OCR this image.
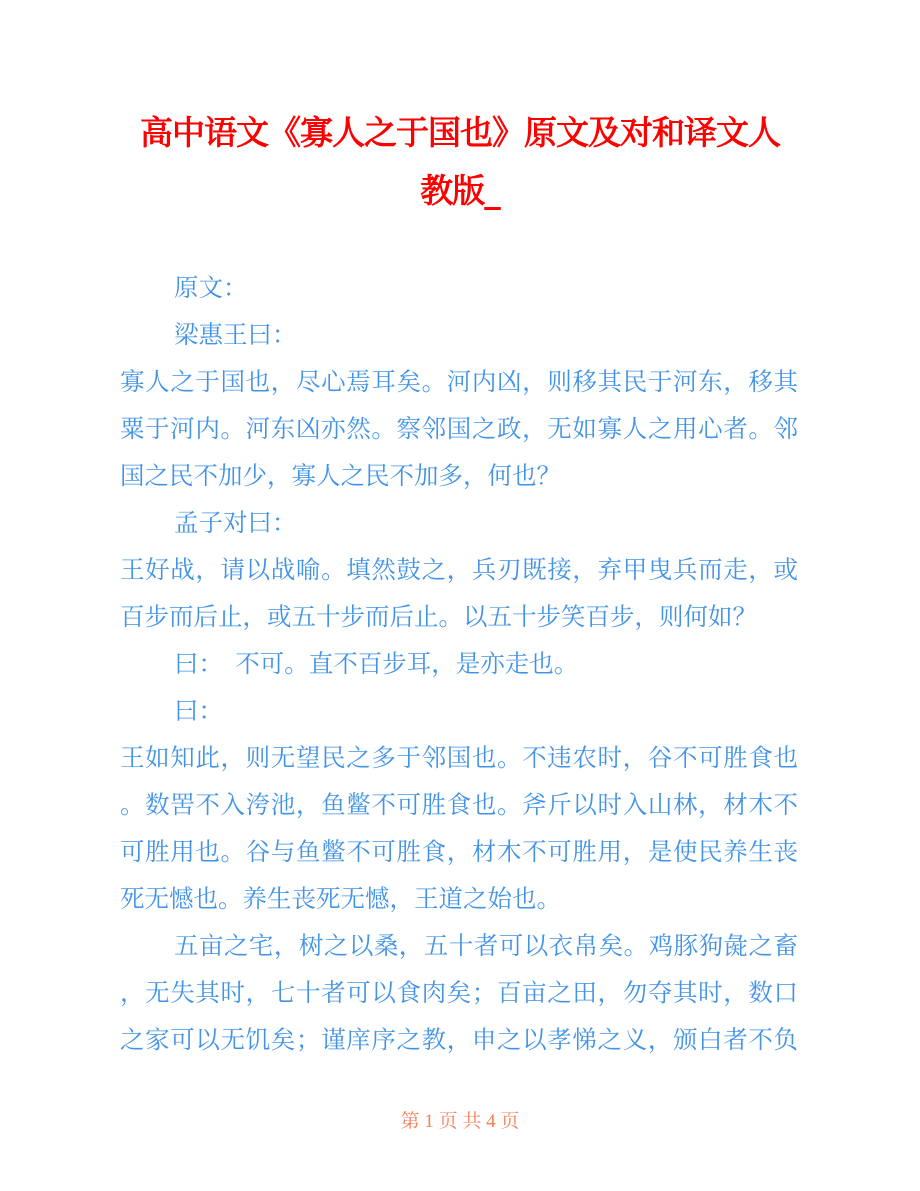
高中语文《寡人之于国也》原文及对和译文人
教版_
原文：
梁惠王曰：
寡人之于国也，尽心焉耳矣。河内凶，则移其民于河东，移其
粟于河内。河东凶亦然。察邻国之政，无如寡人之用心者。邻
国之民不加少，寡人之民不加多，何也？
孟子对曰：
王好战，请以战喻。填然鼓之，兵刃既接，弃甲曳兵而走，或
百步而后止，或五十步而后止。以五十步笑百步，则何如？
曰：　不可。直不百步耳，是亦走也。
曰：
王如知此，则无望民之多于邻国也。不违农时，谷不可胜食也
。数罟不入洿池，鱼鳖不可胜食也。斧斤以时入山林，材木不
可胜用也。谷与鱼鳖不可胜食，材木不可胜用，是使民养生丧
死无憾也。养生丧死无憾，王道之始也。
五亩之宅，树之以桑，五十者可以衣帛矣。鸡豚狗彘之畜
，无失其时，七十者可以食肉矣；百亩之田，勿夺其时，数口
之家可以无饥矣；谨庠序之教，申之以孝悌之义，颁白者不负
第 1 页 共 4 页
